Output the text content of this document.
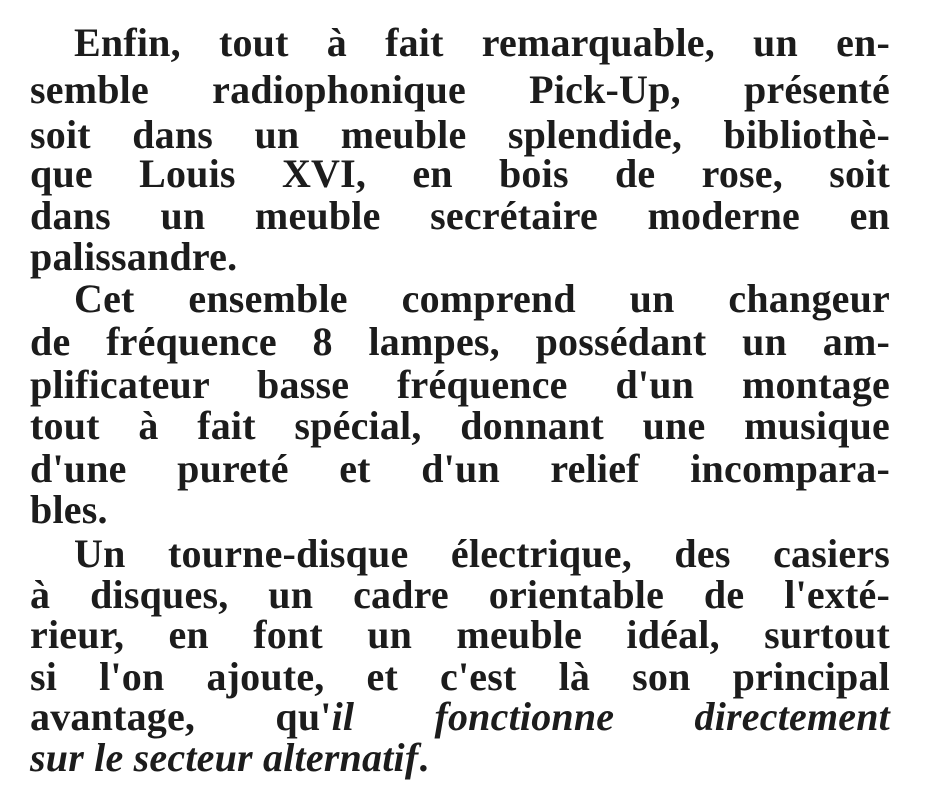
Enfin, tout à fait remarquable, un en-
semble radiophonique Pick-Up, présenté
soit dans un meuble splendide, bibliothè-
que Louis XVI, en bois de rose, soit
dans un meuble secrétaire moderne en
palissandre.
Cet ensemble comprend un changeur
de fréquence 8 lampes, possédant un am-
plificateur basse fréquence d'un montage
tout à fait spécial, donnant une musique
d'une pureté et d'un relief incompara-
bles.
Un tourne-disque électrique, des casiers
à disques, un cadre orientable de l'exté-
rieur, en font un meuble idéal, surtout
si l'on ajoute, et c'est là son principal
avantage, qu'il fonctionne directement
sur le secteur alternatif.
